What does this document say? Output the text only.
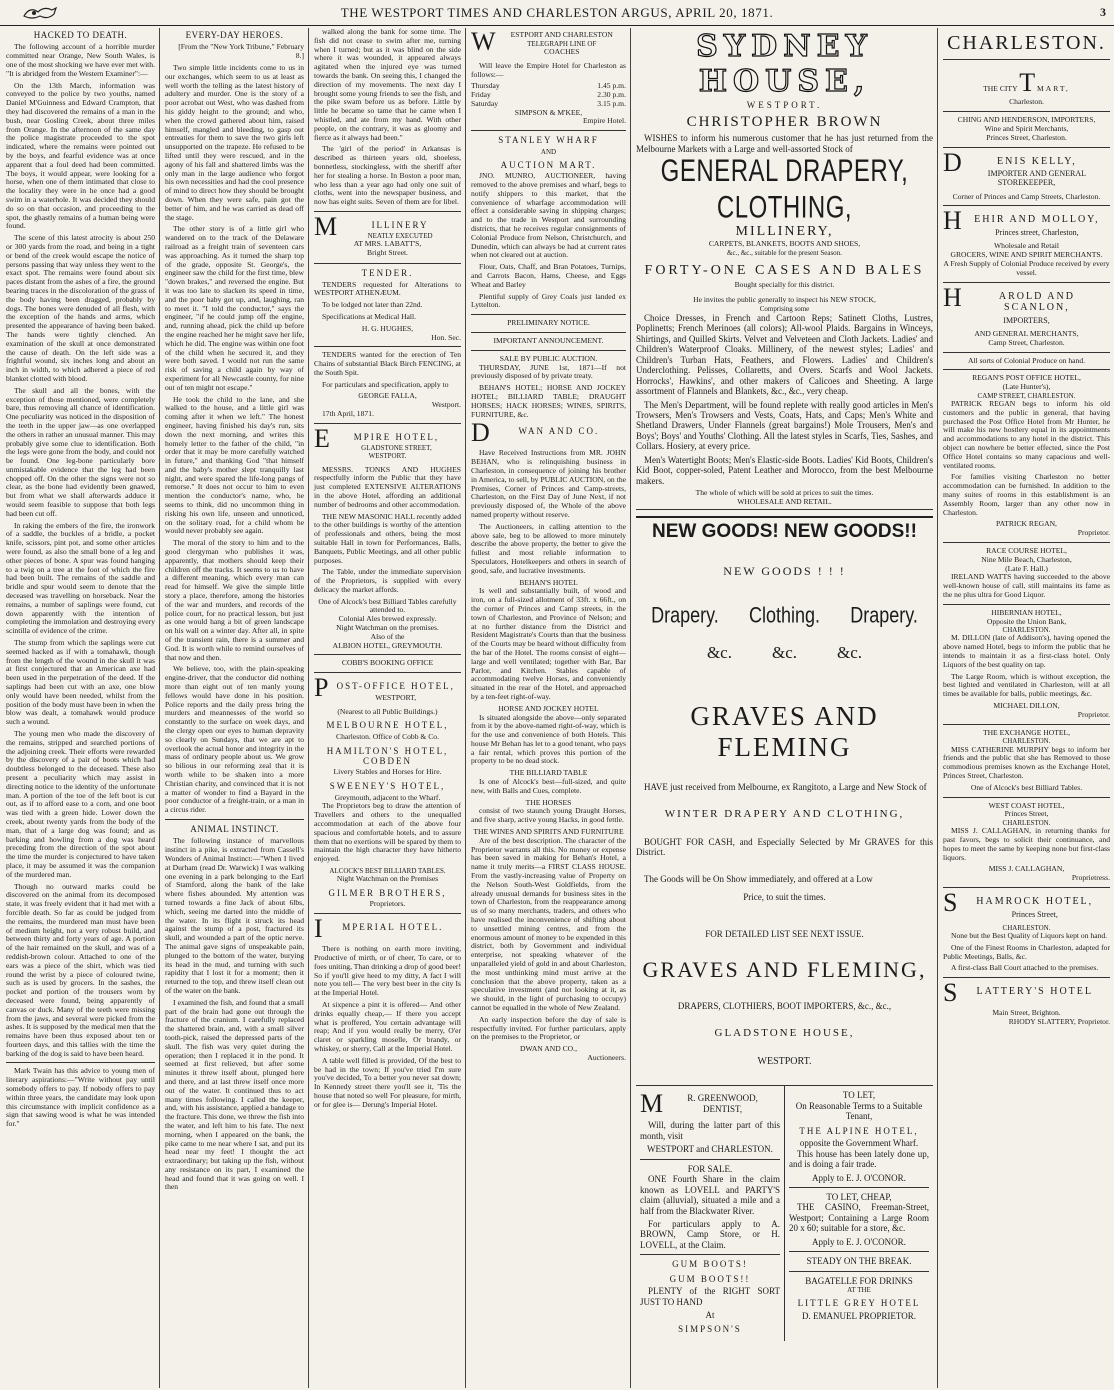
THE WESTPORT TIMES AND CHARLESTON ARGUS, APRIL 20, 1871.	3
HACKED TO DEATH.
The following account of a horrible murder committed near Orange, New South Wales, is one of the most shocking we have ever met with. "It is abridged from the Western Examiner":—
On the 13th March, information was conveyed to the police by two youths, named Daniel M'Guinness and Edward Crampton, that they had discovered the remains of a man in the bush, near Gosling Creek, about three miles from Orange. In the afternoon of the same day the police magistrate proceeded to the spot indicated, where the remains were pointed out by the boys, and fearful evidence was at once apparent that a foul deed had been committed. The boys, it would appear, were looking for a horse, when one of them intimated that close to the locality they were in he once had a good swim in a waterhole. It was decided they should do so on that occasion, and proceeding to the spot, the ghastly remains of a human being were found.
The scene of this latest atrocity is about 250 or 300 yards from the road, and being in a tight or bend of the creek would escape the notice of persons passing that way unless they went to the exact spot. The remains were found about six paces distant from the ashes of a fire, the ground bearing traces in the discoloration of the grass of the body having been dragged, probably by dogs. The bones were denuded of all flesh, with the exception of the hands and arms, which presented the appearance of having been baked. The hands were tightly clenched. An examination of the skull at once demonstrated the cause of death. On the left side was a frightful wound, six inches long and about an inch in width, to which adhered a piece of red blanket clotted with blood.
The skull and all the bones, with the exception of those mentioned, were completely bare, thus removing all chance of identification. One peculiarity was noticed in the disposition of the teeth in the upper jaw—as one overlapped the others in rather an unusual manner. This may probably give some clue to identification. Both the legs were gone from the body, and could not be found. One leg-bone particularly bore unmistakable evidence that the leg had been chopped off. On the other the signs were not so clear, as the bone had evidently been gnawed, but from what we shall afterwards adduce it would seem feasible to suppose that both legs had been cut off.
In raking the embers of the fire, the ironwork of a saddle, the buckles of a bridle, a pocket knife, scissors, pint pot, and some other articles were found, as also the small bone of a leg and other pieces of bone. A spur was found hanging to a twig on a tree at the foot of which the fire had been built. The remains of the saddle and bridle and spur would seem to denote that the deceased was travelling on horseback. Near the remains, a number of saplings were found, cut down apparently with the intention of completing the immolation and destroying every scintilla of evidence of the crime.
The stump from which the saplings were cut seemed hacked as if with a tomahawk, though from the length of the wound in the skull it was at first conjectured that an American axe had been used in the perpetration of the deed. If the saplings had been cut with an axe, one blow only would have been needed, whilst from the position of the body must have been in when the blow was dealt, a tomahawk would produce such a wound.
The young men who made the discovery of the remains, stripped and searched portions of the adjoining creek. Their efforts were rewarded by the discovery of a pair of boots which had doubtless belonged to the deceased. These also present a peculiarity which may assist in directing notice to the identity of the unfortunate man. A portion of the toe of the left boot is cut out, as if to afford ease to a corn, and one boot was tied with a green hide. Lower down the creek, about twenty yards from the body of the man, that of a large dog was found; and as barking and howling from a dog was heard preceding from the direction of the spot about the time the murder is conjectured to have taken place, it may be assumed it was the companion of the murdered man.
Though no outward marks could be discovered on the animal from its decomposed state, it was freely evident that it had met with a forcible death. So far as could be judged from the remains, the murdered man must have been of medium height, not a very robust build, and between thirty and forty years of age. A portion of the hair remained on the skull, and was of a reddish-brown colour. Attached to one of the ears was a piece of the shirt, which was tied round the wrist by a piece of coloured twine, such as is used by grocers. In the sashes, the pocket and portion of the trousers worn by deceased were found, being apparently of canvas or duck. Many of the teeth were missing from the jaws, and several were picked from the ashes. It is supposed by the medical men that the remains have been thus exposed about ten or fourteen days, and this tallies with the time the barking of the dog is said to have been heard.
Mark Twain has this advice to young men of literary aspirations:—"Write without pay until somebody offers to pay. If nobody offers to pay within three years, the candidate may look upon this circumstance with implicit confidence as a sign that sawing wood is what he was intended for."
EVERY-DAY HEROES.
[From the "New York Tribune," February 8.]
Two simple little incidents come to us in our exchanges, which seem to us at least as well worth the telling as the latest history of adultery and murder. One is the story of a poor acrobat out West, who was dashed from his giddy height to the ground; and who, when the crowd gathered about him, raised himself, mangled and bleeding, to gasp out entreaties for them to save the two girls left unsupported on the trapeze. He refused to be lifted until they were rescued, and in the agony of his fall and shattered limbs was the only man in the large audience who forgot his own necessities and had the cool presence of mind to direct how they should be brought down. When they were safe, pain got the better of him, and he was carried as dead off the stage.
The other story is of a little girl who wandered on to the track of the Delaware railroad as a freight train of seventeen cars was approaching. As it turned the sharp top of the grade, opposite St. George's, the engineer saw the child for the first time, blew "down brakes," and reversed the engine. But it was too late to slacken its speed in time, and the poor baby got up, and, laughing, ran to meet it. "I told the conductor," says the engineer, "if he could jump off the engine, and, running ahead, pick the child up before the engine reached her he might save her life, which he did. The engine was within one foot of the child when he secured it, and they were both saved. I would not run the same risk of saving a child again by way of experiment for all Newcastle county, for nine out of ten might not escape."
He took the child to the lane, and she walked to the house, and a little girl was coming after it when we left." The honest engineer, having finished his day's run, sits down the next morning, and writes this homely letter to the father of the child, "in order that it may be more carefully watched in future," and thanking God "that himself and the baby's mother slept tranquilly last night, and were spared the life-long pangs of remorse." It does not occur to him to even mention the conductor's name, who, he seems to think, did no uncommon thing in risking his own life, unseen and unnoticed, on the solitary road, for a child whom he would never probably see again.
The moral of the story to him and to the good clergyman who publishes it was, apparently, that mothers should keep their children off the tracks. It seems to us to have a different meaning, which every man can read for himself. We give the simple little story a place, therefore, among the histories of the war and murders, and records of the police court, for no practical lesson, but just as one would hang a bit of green landscape on his wall on a winter day. After all, in spite of the transient rain, there is a summer and God. It is worth while to remind ourselves of that now and then.
We believe, too, with the plain-speaking engine-driver, that the conductor did nothing more than eight out of ten manly young fellows would have done in his position. Police reports and the daily press bring the murders and meannesses of the world so constantly to the surface on week days, and the clergy open our eyes to human depravity so clearly on Sundays, that we are apt to overlook the actual honor and integrity in the mass of ordinary people about us. We grow so bilious in our reforming zeal that it is worth while to be shaken into a more Christian charity, and convinced that it is not a matter of wonder to find a Bayard in the poor conductor of a freight-train, or a man in a circus rider.
ANIMAL INSTINCT.
The following instance of marvellous instinct in a pike, is extracted from Cassell's Wonders of Animal Instinct:—"When I lived at Durham (read Dr. Warwick) I was walking one evening in a park belonging to the Earl of Stamford, along the bank of the lake where fishes abounded. My attention was turned towards a fine Jack of about 6lbs, which, seeing me darted into the middle of the water. In its flight it struck its head against the stump of a post, fractured its skull, and wounded a part of the optic nerve. The animal gave signs of unspeakable pain, plunged to the bottom of the water, burying its head in the mud, and turning with such rapidity that I lost it for a moment; then it returned to the top, and threw itself clean out of the water on the bank.
I examined the fish, and found that a small part of the brain had gone out through the fracture of the cranium. I carefully replaced the shattered brain, and, with a small silver tooth-pick, raised the depressed parts of the skull. The fish was very quiet during the operation; then I replaced it in the pond. It seemed at first relieved, but after some minutes it threw itself about, plunged here and there, and at last threw itself once more out of the water. It continued thus to act many times following. I called the keeper, and, with his assistance, applied a bandage to the fracture. This done, we threw the fish into the water, and left him to his fate. The next morning, when I appeared on the bank, the pike came to me near where I sat, and put its head near my feet! I thought the act extraordinary; but taking up the fish, without any resistance on its part, I examined the head and found that it was going on well. I then
walked along the bank for some time. The fish did not cease to swim after me, turning when I turned; but as it was blind on the side where it was wounded, it appeared always agitated when the injured eye was turned towards the bank. On seeing this, I changed the direction of my movements. The next day I brought some young friends to see the fish, and the pike swam before us as before. Little by little he became so tame that he came when I whistled, and ate from my hand. With other people, on the contrary, it was as gloomy and fierce as it always had been."
The 'girl of the period' in Arkansas is described as thirteen years old, shoeless, bonnetless, stockingless, with the sheriff after her for stealing a horse. In Boston a poor man, who less than a year ago had only one suit of cloths, went into the newspaper business, and now has eight suits. Seven of them are for libel.
M	ILLINERY
NEATLY EXECUTED
AT MRS. LABATT'S,
Bright Street.
TENDER.
TENDERS requested for Alterations to WESTPORT ATHENÆUM.
To be lodged not later than 22nd.
Specifications at Medical Hall.
H. G. HUGHES,
Hon. Sec.
TENDERS wanted for the erection of Ten Chains of substantial Black Birch FENCING, at the South Spit.
For particulars and specification, apply to
GEORGE FALLA,
Westport.
17th April, 1871.
E	MPIRE HOTEL,
GLADSTONE STREET,
WESTPORT.
MESSRS. TONKS AND HUGHES respectfully inform the Public that they have just completed EXTENSIVE ALTERATIONS in the above Hotel, affording an additional number of bedrooms and other accommodation.
THE NEW MASONIC HALL recently added to the other buildings is worthy of the attention of professionals and others, being the most suitable Hall in town for Performances, Balls, Banquets, Public Meetings, and all other public purposes.
The Table, under the immediate supervision of the Proprietors, is supplied with every delicacy the market affords.
One of Alcock's best Billiard Tables carefully attended to.
Colonial Ales brewed expressly.
Night Watchman on the premises.
Also of the
ALBION HOTEL, GREYMOUTH.
COBB'S BOOKING OFFICE
P OST-OFFICE HOTEL,
WESTPORT,
(Nearest to all Public Buildings.)
MELBOURNE HOTEL,
Charleston. Office of Cobb & Co.
HAMILTON'S HOTEL, COBDEN
Livery Stables and Horses for Hire.
SWEENEY'S HOTEL,
Greymouth, adjacent to the Wharf.
The Proprietors beg to draw the attention of Travellers and others to the unequalled accommodation at each of the above four spacious and comfortable hotels, and to assure them that no exertions will be spared by them to maintain the high character they have hitherto enjoyed.
ALCOCK'S BEST BILLIARD TABLES.
Night Watchman on the Premises
GILMER BROTHERS,
Proprietors.
I	MPERIAL HOTEL.
There is nothing on earth more inviting, Productive of mirth, or of cheer, To care, or to foes uniting, Than drinking a drop of good beer! So if you'll give heed to my ditty, A fact I will note you tell— The very best beer in the city Is at the Imperial Hotel.
At sixpence a pint it is offered— And other drinks equally cheap,— If there you accept what is proffered, You certain advantage will reap; And if you would really be merry, O'er claret or sparkling moselle, Or brandy, or whiskey, or sherry, Call at the Imperial Hotel.
A table well filled is provided, Of the best to be had in the town; If you've tried I'm sure you've decided, To a better you never sat down; In Kennedy street there you'll see it, 'Tis the house that noted so well For pleasure, for mirth, or for glee is— Derung's Imperial Hotel.
W	ESTPORT AND CHARLESTON
TELEGRAPH LINE OF
COACHES
Will leave the Empire Hotel for Charleston as follows:—
Thursday	1.45 p.m.
Friday	2.30 p.m.
Saturday	3.15 p.m.
SIMPSON & M'KEE,
Empire Hotel.
STANLEY WHARF
AND
AUCTION MART.
JNO. MUNRO, AUCTIONEER, having removed to the above premises and wharf, begs to notify shippers to this market, that the convenience of wharfage accommodation will effect a considerable saving in shipping charges; and to the trade in Westport and surrounding districts, that he receives regular consignments of Colonial Produce from Nelson, Christchurch, and Dunedin, which can always be had at current rates when not cleared out at auction.
Flour, Oats, Chaff, and Bran Potatoes, Turnips, and Carrots Bacon, Hams, Cheese, and Eggs Wheat and Barley
Plentiful supply of Grey Coals just landed ex Lyttelton.
PRELIMINARY NOTICE.
IMPORTANT ANNOUNCEMENT.
SALE BY PUBLIC AUCTION.
THURSDAY, JUNE 1st, 1871—If not previously disposed of by private treaty.
BEHAN'S HOTEL; HORSE AND JOCKEY HOTEL; BILLIARD TABLE; DRAUGHT HORSES; HACK HORSES; WINES, SPIRITS, FURNITURE, &c.
D	WAN AND CO.
Have Received Instructions from MR. JOHN BEHAN, who is relinquishing business in Charleston, in consequence of joining his brother in America, to sell, by PUBLIC AUCTION, on the Premises, Corner of Princes and Camp-streets, Charleston, on the First Day of June Next, if not previously disposed of, the Whole of the above named property without reserve.
The Auctioneers, in calling attention to the above sale, beg to be allowed to more minutely describe the above property, the better to give the fullest and most reliable information to Speculators, Hotelkeepers and others in search of good, safe, and lucrative investments.
BEHAN'S HOTEL
Is well and substantially built, of wood and iron, on a full-sized allotment of 33ft. x 66ft., on the corner of Princes and Camp streets, in the town of Charleston, and Province of Nelson; and at no further distance from the District and Resident Magistrate's Courts than that the business of the Courts may be heard without difficulty from the bar of the Hotel. The rooms consist of eight—large and well ventilated; together with Bar, Bar Parlor, and Kitchen. Stables capable of accommodating twelve Horses, and conveniently situated in the rear of the Hotel, and approached by a ten-feet right-of-way.
HORSE AND JOCKEY HOTEL
Is situated alongside the above—only separated from it by the above-named right-of-way, which is for the use and convenience of both Hotels. This house Mr Behan has let to a good tenant, who pays a fair rental, which proves this portion of the property to be no dead stock.
THE BILLIARD TABLE
Is one of Alcock's best—full-sized, and quite new, with Balls and Cues, complete.
THE HORSES
consist of two staunch young Draught Horses, and five sharp, active young Hacks, in good fettle.
THE WINES AND SPIRITS AND FURNITURE
Are of the best description. The character of the Proprietor warrants all this. No money or expense has been saved in making for Behan's Hotel, a name it truly merits—a FIRST CLASS HOUSE. From the vastly-increasing value of Property on the Nelson South-West Goldfields, from the already unusual demands for business sites in the town of Charleston, from the reappearance among us of so many merchants, traders, and others who have realised the inconvenience of shifting about to unsettled mining centres, and from the enormous amount of money to be expended in this district, both by Government and individual enterprise, not speaking whatever of the unparalleled yield of gold in and about Charleston, the most unthinking mind must arrive at the conclusion that the above property, taken as a speculative investment (and not looking at it, as we should, in the light of purchasing to occupy) cannot be equalled in the whole of New Zealand.
An early inspection before the day of sale is respectfully invited. For further particulars, apply on the premises to the Proprietor, or
DWAN AND CO.,
Auctioneers.
SYDNEY HOUSE,
WESTPORT.
CHRISTOPHER BROWN
WISHES to inform his numerous customer that he has just returned from the Melbourne Markets with a Large and well-assorted Stock of
GENERAL DRAPERY, CLOTHING,
MILLINERY,
CARPETS, BLANKETS, BOOTS AND SHOES,
&c., &c., suitable for the present Season.
FORTY-ONE CASES AND BALES
Bought specially for this district.
He invites the public generally to inspect his NEW STOCK,
Comprising some
Choice Dresses, in French and Cartoon Reps; Satinett Cloths, Lustres, Poplinetts; French Merinoes (all colors); All-wool Plaids. Bargains in Winceys, Shirtings, and Quilled Skirts. Velvet and Velveteen and Cloth Jackets. Ladies' and Children's Waterproof Cloaks. Millinery, of the newest styles; Ladies' and Children's Turban Hats, Feathers, and Flowers. Ladies' and Children's Underclothing. Pelisses, Collaretts, and Overs. Scarfs and Wool Jackets. Horrocks', Hawkins', and other makers of Calicoes and Sheeting. A large assortment of Flannels and Blankets, &c., &c., very cheap.
The Men's Department, will be found replete with really good articles in Men's Trowsers, Men's Trowsers and Vests, Coats, Hats, and Caps; Men's White and Shetland Drawers, Under Flannels (great bargains!) Mole Trousers, Men's and Boys'; Boys' and Youths' Clothing. All the latest styles in Scarfs, Ties, Sashes, and Collars. Hosiery, at every price.
Men's Watertight Boots; Men's Elastic-side Boots. Ladies' Kid Boots, Children's Kid Boot, copper-soled, Patent Leather and Morocco, from the best Melbourne makers.
The whole of which will be sold at prices to suit the times.
WHOLESALE AND RETAIL.
NEW GOODS! NEW GOODS!!
NEW GOODS ! ! !
Drapery. Clothing. Drapery.
&c. &c. &c.
GRAVES AND FLEMING
HAVE just received from Melbourne, ex Rangitoto, a Large and New Stock of
WINTER DRAPERY AND CLOTHING,
BOUGHT FOR CASH, and Especially Selected by Mr GRAVES for this District.
The Goods will be On Show immediately, and offered at a Low
Price, to suit the times.
FOR DETAILED LIST SEE NEXT ISSUE.
GRAVES AND FLEMING,
DRAPERS, CLOTHIERS, BOOT IMPORTERS, &c., &c.,
GLADSTONE HOUSE,
WESTPORT.
M	R. GREENWOOD,
DENTIST,
Will, during the latter part of this month, visit
WESTPORT and CHARLESTON.
FOR SALE.
ONE Fourth Share in the claim known as LOVELL and PARTY'S claim (alluvial), situated a mile and a half from the Blackwater River.
For particulars apply to A. BROWN, Camp Store, or H. LOVELL, at the Claim.
GUM BOOTS!
GUM BOOTS!!
PLENTY of the RIGHT SORT JUST TO HAND
At
SIMPSON'S
TO LET,
On Reasonable Terms to a Suitable Tenant,
THE ALPINE HOTEL,
opposite the Government Wharf.
This house has been lately done up, and is doing a fair trade.
Apply to E. J. O'CONOR.
TO LET, CHEAP,
THE CASINO, Freeman-Street, Westport; Containing a Large Room 20 x 60; suitable for a store, &c.
Apply to E. J. O'CONOR.
STEADY ON THE BREAK.
BAGATELLE FOR DRINKS
AT THE
LITTLE GREY HOTEL
D. EMANUEL PROPRIETOR.
CHARLESTON.
THE CITY T MART,
Charleston.
CHING AND HENDERSON, IMPORTERS,
Wine and Spirit Merchants,
Princes Street, Charleston.
D	ENIS KELLY,
IMPORTER AND GENERAL STOREKEEPER,
Corner of Princes and Camp Streets, Charleston.
H	EHIR AND MOLLOY,
Princes street, Charleston,
Wholesale and Retail
GROCERS, WINE AND SPIRIT MERCHANTS.
A Fresh Supply of Colonial Produce received by every vessel.
H	AROLD AND SCANLON,
IMPORTERS,
AND GENERAL MERCHANTS,
Camp Street, Charleston.
All sorts of Colonial Produce on hand.
REGAN'S POST OFFICE HOTEL,
(Late Hunter's),
CAMP STREET, CHARLESTON.
PATRICK REGAN begs to inform his old customers and the public in general, that having purchased the Post Office Hotel from Mr Hunter, he will make his new hostlery equal in its appointments and accommodations to any hotel in the district. This object can nowhere be better effected, since the Post Office Hotel contains so many capacious and well-ventilated rooms.
For families visiting Charleston no better accommodation can be furnished. In addition to the many suites of rooms in this establishment is an Assembly Room, larger than any other now in Charleston.
PATRICK REGAN,
Proprietor.
RACE COURSE HOTEL,
Nine Mile Beach, Charleston,
(Late F. Hall.)
IRELAND WATTS having succeeded to the above well-known house of call, still maintains its fame as the ne plus ultra for Good Liquor.
HIBERNIAN HOTEL,
Opposite the Union Bank,
CHARLESTON.
M. DILLON (late of Addison's), having opened the above named Hotel, begs to inform the public that he intends to maintain it as a first-class hotel. Only Liquors of the best quality on tap.
The Large Room, which is without exception, the best lighted and ventilated in Charleston, will at all times be available for balls, public meetings, &c.
MICHAEL DILLON,
Proprietor.
THE EXCHANGE HOTEL,
CHARLESTON.
MISS CATHERINE MURPHY begs to inform her friends and the public that she has Removed to those commodious premises known as the Exchange Hotel, Princes Street, Charleston.
One of Alcock's best Billiard Tables.
WEST COAST HOTEL,
Princes Street,
CHARLESTON.
MISS J. CALLAGHAN, in returning thanks for past favors, begs to solicit their continuance, and hopes to meet the same by keeping none but first-class liquors.
MISS J. CALLAGHAN,
Proprietress.
S	HAMROCK HOTEL,
Princes Street,
CHARLESTON.
None but the Best Quality of Liquors kept on hand.
One of the Finest Rooms in Charleston, adapted for Public Meetings, Balls, &c.
A first-class Ball Court attached to the premises.
S	LATTERY'S HOTEL
Main Street, Brighton.
RHODY SLATTERY, Proprietor.
